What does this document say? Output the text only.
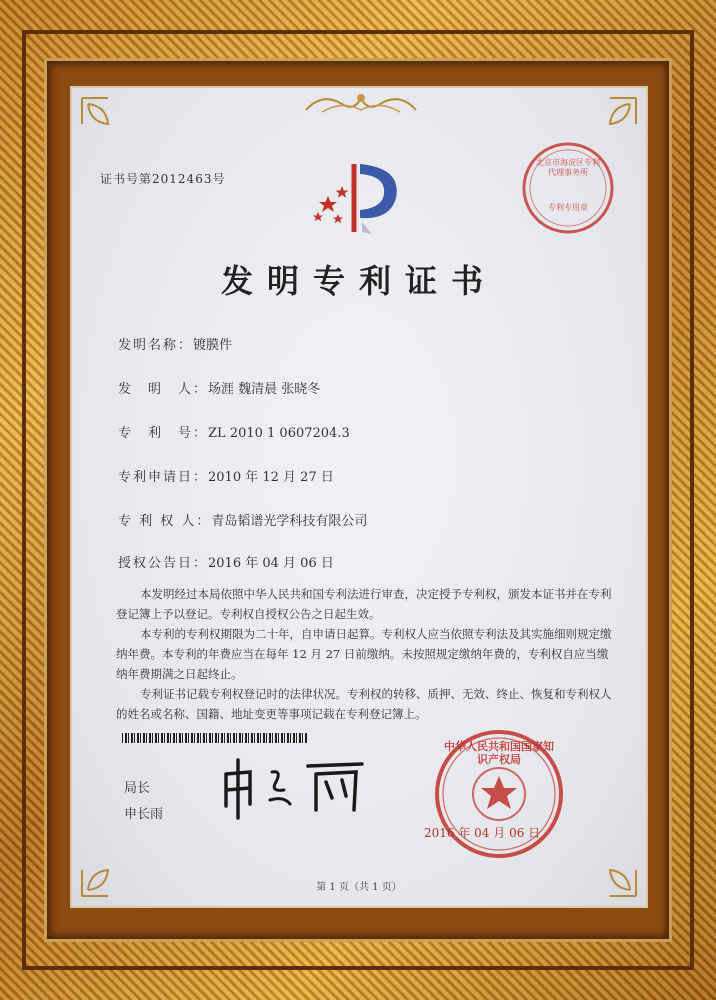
证书号第2012463号
北京市海淀区专利代理事务所
专利专用章
发明专利证书
发明名称：镀膜件
发　明　人：场涯 魏清晨 张晓冬
专　利　号：ZL 2010 1 0607204.3
专利申请日：2010 年 12 月 27 日
专 利 权 人：青岛韬谱光学科技有限公司
授权公告日：2016 年 04 月 06 日

本发明经过本局依照中华人民共和国专利法进行审查，决定授予专利权，颁发本证书并在专利登记簿上予以登记。专利权自授权公告之日起生效。

本专利的专利权期限为二十年，自申请日起算。专利权人应当依照专利法及其实施细则规定缴纳年费。本专利的年费应当在每年 12 月 27 日前缴纳。未按照规定缴纳年费的，专利权自应当缴纳年费期满之日起终止。

专利证书记载专利权登记时的法律状况。专利权的转移、质押、无效、终止、恢复和专利权人的姓名或名称、国籍、地址变更等事项记载在专利登记簿上。

局长
申长雨
中华人民共和国国家知识产权局
2016 年 04 月 06 日
第 1 页（共 1 页）
